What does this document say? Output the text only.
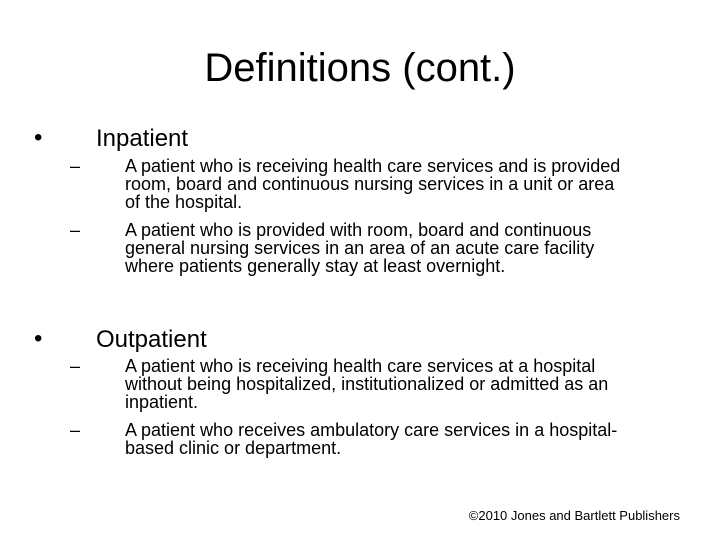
Definitions (cont.)
• Inpatient
– A patient who is receiving health care services and is provided
room, board and continuous nursing services in a unit or area
of the hospital.
– A patient who is provided with room, board and continuous
general nursing services in an area of an acute care facility
where patients generally stay at least overnight.
• Outpatient
– A patient who is receiving health care services at a hospital
without being hospitalized, institutionalized or admitted as an
inpatient.
– A patient who receives ambulatory care services in a hospital-
based clinic or department.
©2010 Jones and Bartlett Publishers
